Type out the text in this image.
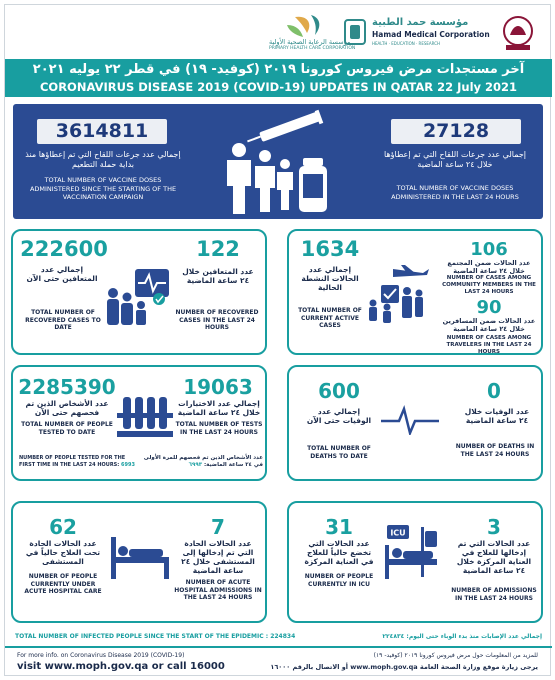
مؤسسة الرعاية الصحية الأولية
PRIMARY HEALTH CARE CORPORATION
مؤسسة حمد الطبية
Hamad Medical Corporation
HEALTH · EDUCATION · RESEARCH
آخر مستجدات مرض فيروس كورونا ٢٠١٩ (كوفيد- ١٩) في قطر ٢٢ يوليه ٢٠٢١
CORONAVIRUS DISEASE 2019 (COVID-19) UPDATES IN QATAR 22 July 2021
3614811
إجمالي عدد جرعات اللقاح التي تم إعطاؤها منذ بداية حملة التطعيم
TOTAL NUMBER OF VACCINE DOSES ADMINISTERED SINCE THE STARTING OF THE VACCINATION CAMPAIGN
27128
إجمالي عدد جرعات اللقاح التي تم إعطاؤها خلال ٢٤ ساعة الماضية
TOTAL NUMBER OF VACCINE DOSES ADMINISTERED IN THE LAST 24 HOURS
222600
إجمالي عدد المتعافين حتى الآن
TOTAL NUMBER OF RECOVERED CASES TO DATE
122
عدد المتعافين خلال ٢٤ ساعة الماضية
NUMBER OF RECOVERED CASES IN THE LAST 24 HOURS
1634
إجمالي عدد الحالات النشطة الحالية
TOTAL NUMBER OF CURRENT ACTIVE CASES
106
عدد الحالات ضمن المجتمع خلال ٢٤ ساعة الماضية
NUMBER OF CASES AMONG COMMUNITY MEMBERS IN THE LAST 24 HOURS
90
عدد الحالات ضمن المسافرين خلال ٢٤ ساعة الماضية
NUMBER OF CASES AMONG TRAVELERS IN THE LAST 24 HOURS
2285390
عدد الأشخاص الذين تم فحصهم حتى الآن
TOTAL NUMBER OF PEOPLE TESTED TO DATE
19063
إجمالي عدد الاختبارات خلال ٢٤ ساعة الماضية
TOTAL NUMBER OF TESTS IN THE LAST 24 HOURS
NUMBER OF PEOPLE TESTED FOR THE FIRST TIME IN THE LAST 24 HOURS: 6993
عدد الأشخاص الذين تم فحصهم للمرة الأولى في ٢٤ ساعة الماضية: ٦٩٩٣
600
إجمالي عدد الوفيات حتى الآن
TOTAL NUMBER OF DEATHS TO DATE
0
عدد الوفيات خلال ٢٤ ساعة الماضية
NUMBER OF DEATHS IN THE LAST 24 HOURS
62
عدد الحالات الحادة تحت العلاج حالياً في المستشفى
NUMBER OF PEOPLE CURRENTLY UNDER ACUTE HOSPITAL CARE
7
عدد الحالات الحادة التي تم إدخالها إلى المستشفى خلال ٢٤ ساعة الماضية
NUMBER OF ACUTE HOSPITAL ADMISSIONS IN THE LAST 24 HOURS
31
عدد الحالات التي تخضع حالياً للعلاج في العناية المركزة
NUMBER OF PEOPLE CURRENTLY IN ICU
ICU	3
عدد الحالات التي تم إدخالها للعلاج في العناية المركزة خلال ٢٤ ساعة الماضية
NUMBER OF ADMISSIONS IN THE LAST 24 HOURS
TOTAL NUMBER OF INFECTED PEOPLE SINCE THE START OF THE EPIDEMIC : 224834	إجمالي عدد الإصابات منذ بدء الوباء حتى اليوم: ٢٢٤٨٣٤
For more info. on Coronavirus Disease 2019 (COVID-19)
visit www.moph.gov.qa or call 16000
للمزيد من المعلومات حول مرض فيروس كورونا ٢٠١٩ (كوفيد- ١٩)
يرجى زيارة موقع وزارة الصحة العامة www.moph.gov.qa أو الاتصال بالرقم ١٦٠٠٠
